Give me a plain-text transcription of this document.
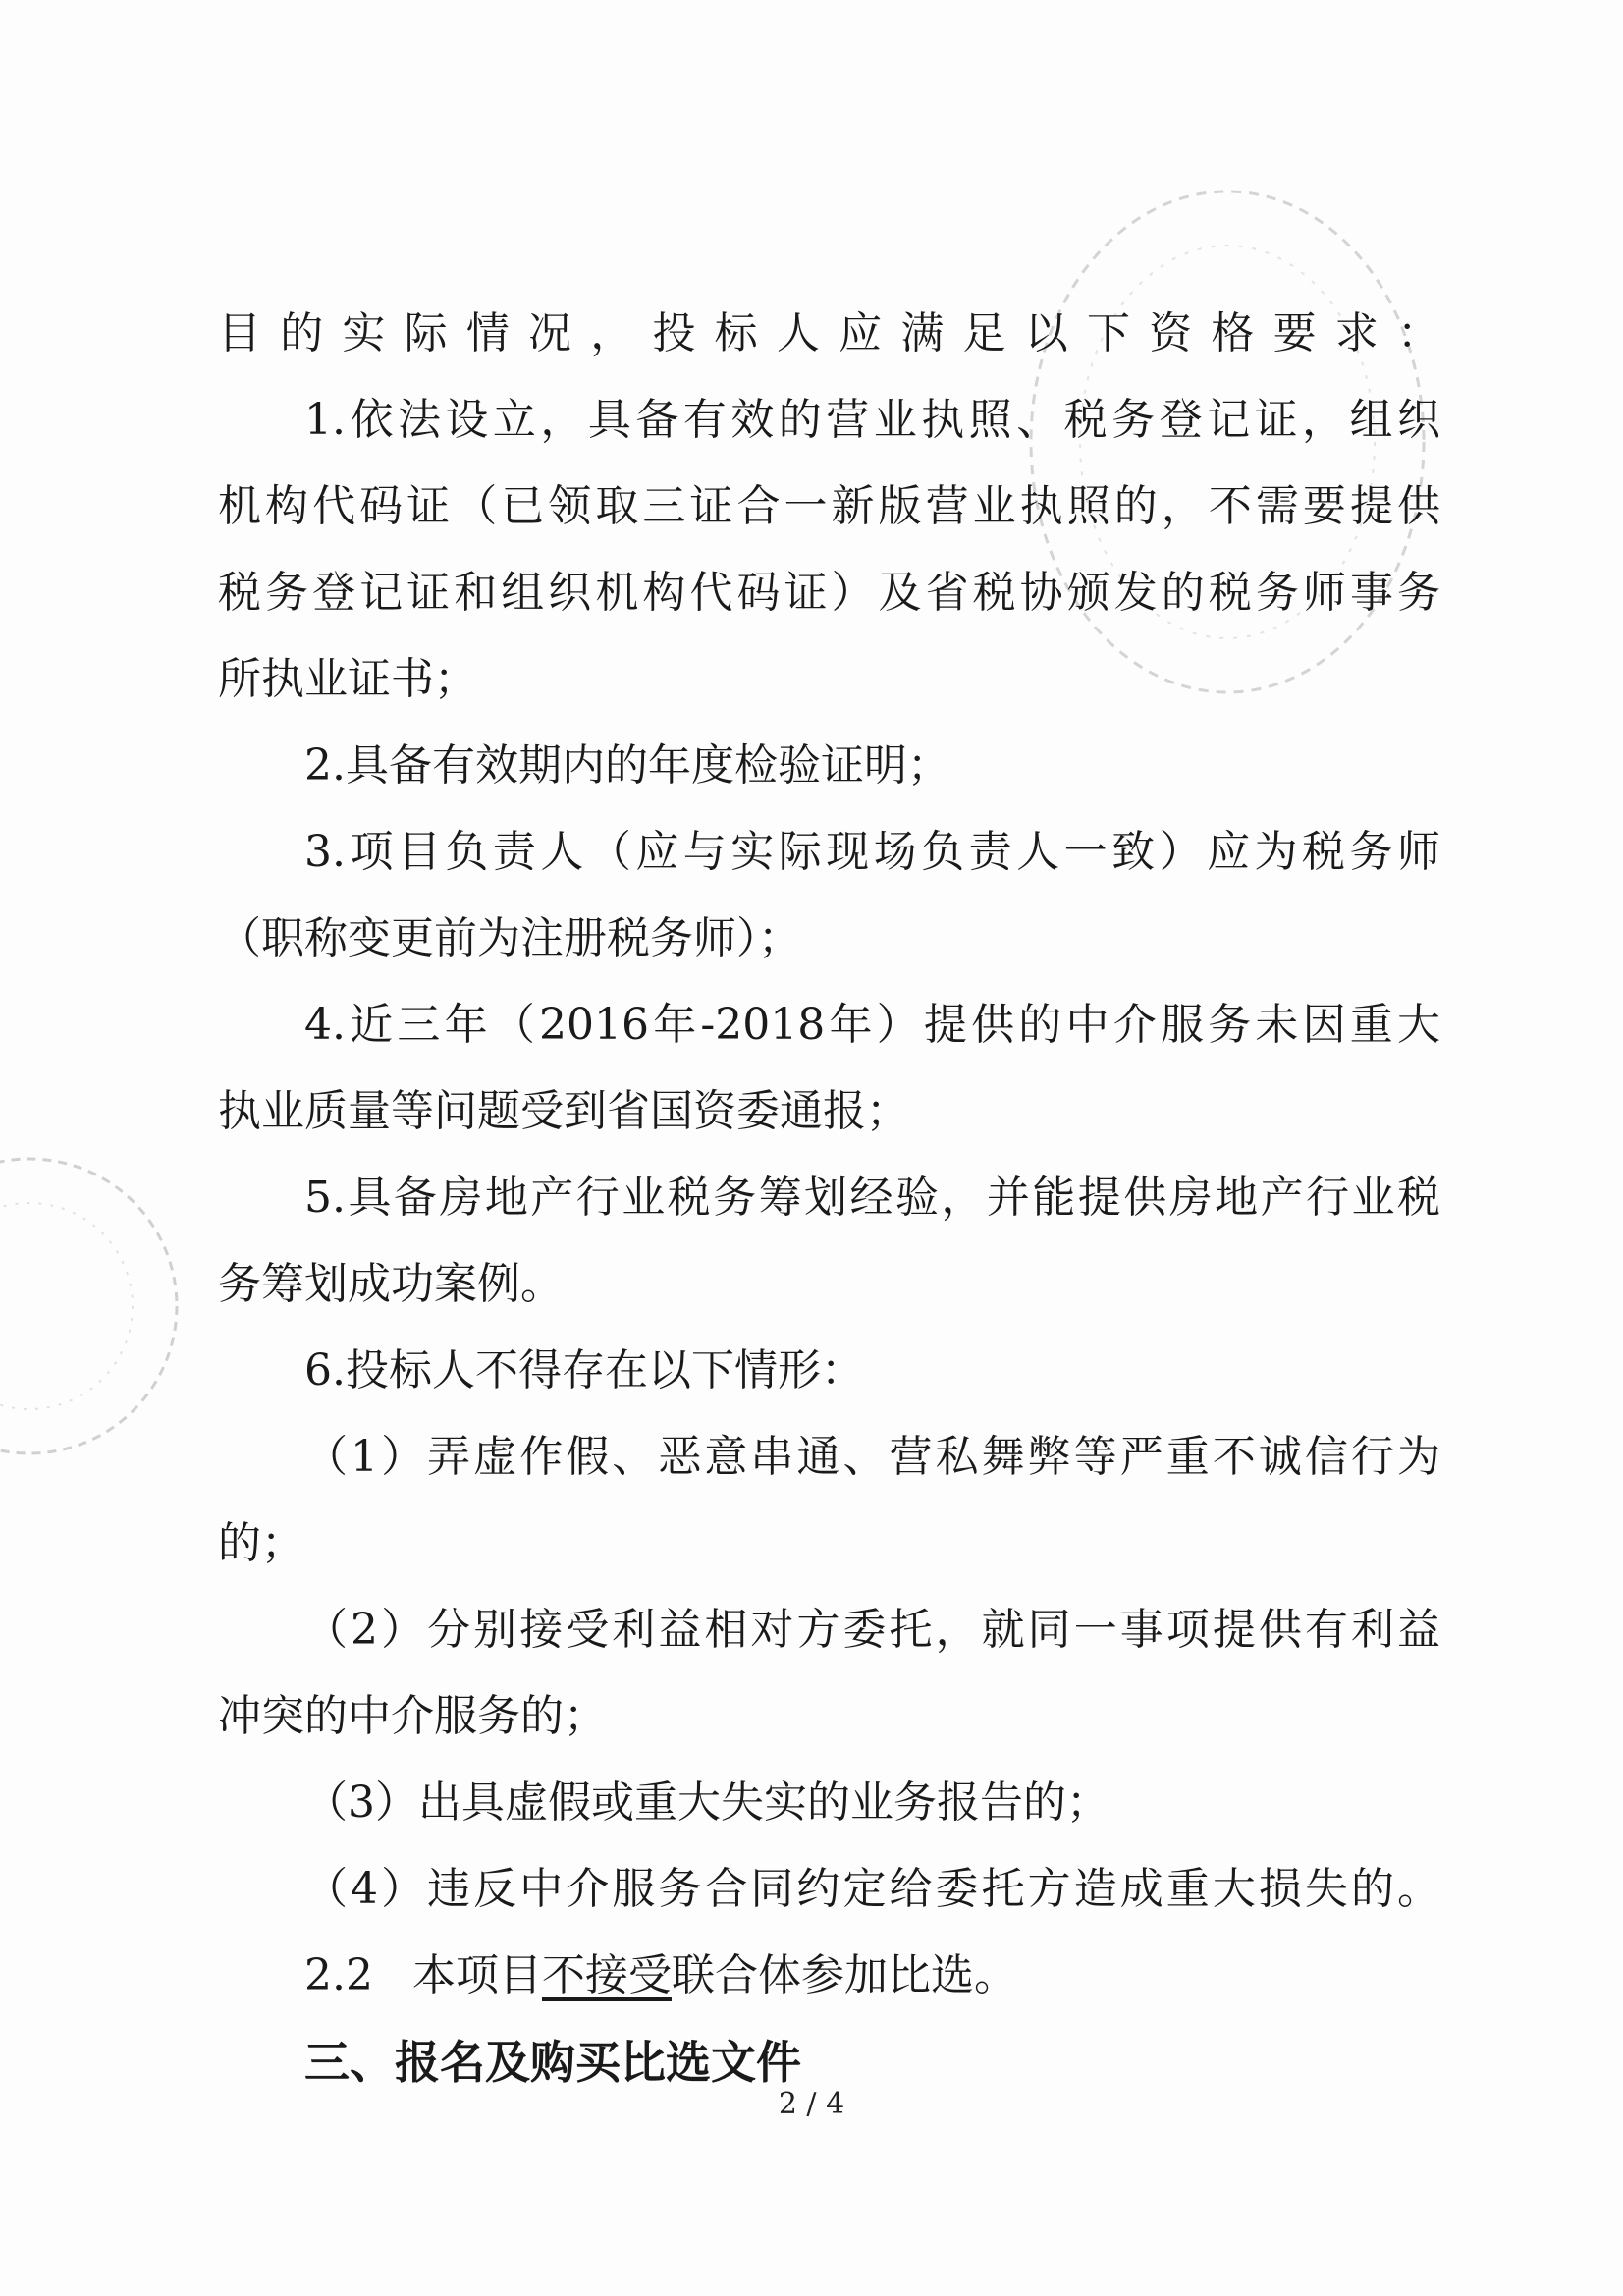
目的实际情况，投标人应满足以下资格要求：
1.依法设立，具备有效的营业执照、税务登记证，组织
机构代码证（已领取三证合一新版营业执照的，不需要提供
税务登记证和组织机构代码证）及省税协颁发的税务师事务
所执业证书；
2.具备有效期内的年度检验证明；
3.项目负责人（应与实际现场负责人一致）应为税务师
（职称变更前为注册税务师）；
4.近三年（2016年-2018年）提供的中介服务未因重大
执业质量等问题受到省国资委通报；
5.具备房地产行业税务筹划经验，并能提供房地产行业税
务筹划成功案例。
6.投标人不得存在以下情形：
（1）弄虚作假、恶意串通、营私舞弊等严重不诚信行为
的；
（2）分别接受利益相对方委托，就同一事项提供有利益
冲突的中介服务的；
（3）出具虚假或重大失实的业务报告的；
（4）违反中介服务合同约定给委托方造成重大损失的。
2.2 本项目不接受联合体参加比选。
三、报名及购买比选文件
2 / 4
